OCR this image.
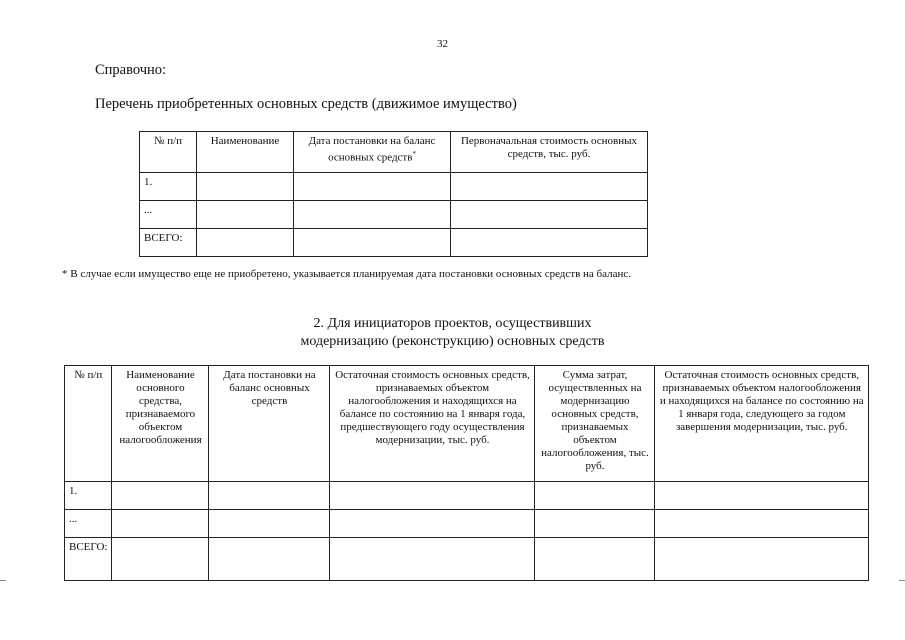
32
Справочно:
Перечень приобретенных основных средств (движимое имущество)
№ п/п	Наименование	Дата постановки на баланс основных средств*	Первоначальная стоимость основных средств, тыс. руб.
1.			
...			
ВСЕГО:			
* В случае если имущество еще не приобретено, указывается планируемая дата постановки основных средств на баланс.
2. Для инициаторов проектов, осуществивших
модернизацию (реконструкцию) основных средств
№ п/п	Наименование основного средства, признаваемого объектом налогообложения	Дата постановки на баланс основных средств	Остаточная стоимость основных средств, признаваемых объектом налогообложения и находящихся на балансе по состоянию на 1 января года, предшествующего году осуществления модернизации, тыс. руб.	Сумма затрат, осуществленных на модернизацию основных средств, признаваемых объектом налогообложения, тыс. руб.	Остаточная стоимость основных средств, признаваемых объектом налогообложения и находящихся на балансе по состоянию на 1 января года, следующего за годом завершения модернизации, тыс. руб.
1.					
...					
ВСЕГО:					
